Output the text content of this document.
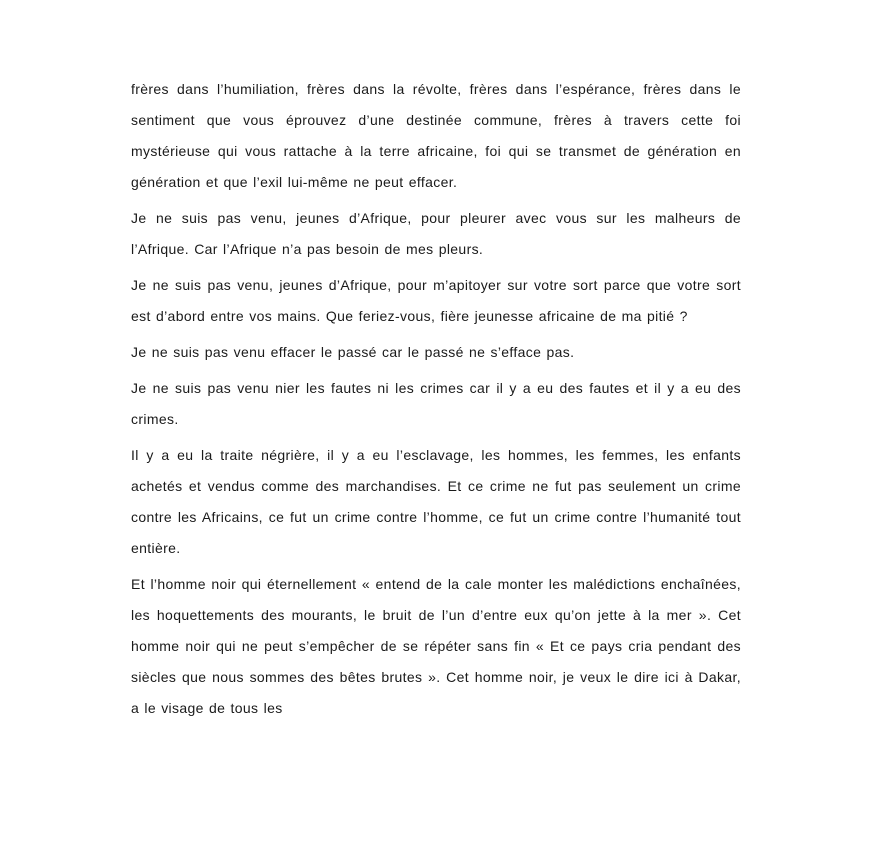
frères dans l’humiliation, frères dans la révolte, frères dans l’espérance, frères dans le sentiment que vous éprouvez d’une destinée commune, frères à travers cette foi mystérieuse qui vous rattache à la terre africaine, foi qui se transmet de génération en génération et que l’exil lui-même ne peut effacer.

Je ne suis pas venu, jeunes d’Afrique, pour pleurer avec vous sur les malheurs de l’Afrique. Car l’Afrique n’a pas besoin de mes pleurs.

Je ne suis pas venu, jeunes d’Afrique, pour m’apitoyer sur votre sort parce que votre sort est d’abord entre vos mains. Que feriez-vous, fière jeunesse africaine de ma pitié ?

Je ne suis pas venu effacer le passé car le passé ne s’efface pas.

Je ne suis pas venu nier les fautes ni les crimes car il y a eu des fautes et il y a eu des crimes.

Il y a eu la traite négrière, il y a eu l’esclavage, les hommes, les femmes, les enfants achetés et vendus comme des marchandises. Et ce crime ne fut pas seulement un crime contre les Africains, ce fut un crime contre l’homme, ce fut un crime contre l’humanité tout entière.

Et l’homme noir qui éternellement « entend de la cale monter les malédictions enchaînées, les hoquettements des mourants, le bruit de l’un d’entre eux qu’on jette à la mer ». Cet homme noir qui ne peut s’empêcher de se répéter sans fin « Et ce pays cria pendant des siècles que nous sommes des bêtes brutes ». Cet homme noir, je veux le dire ici à Dakar, a le visage de tous les
